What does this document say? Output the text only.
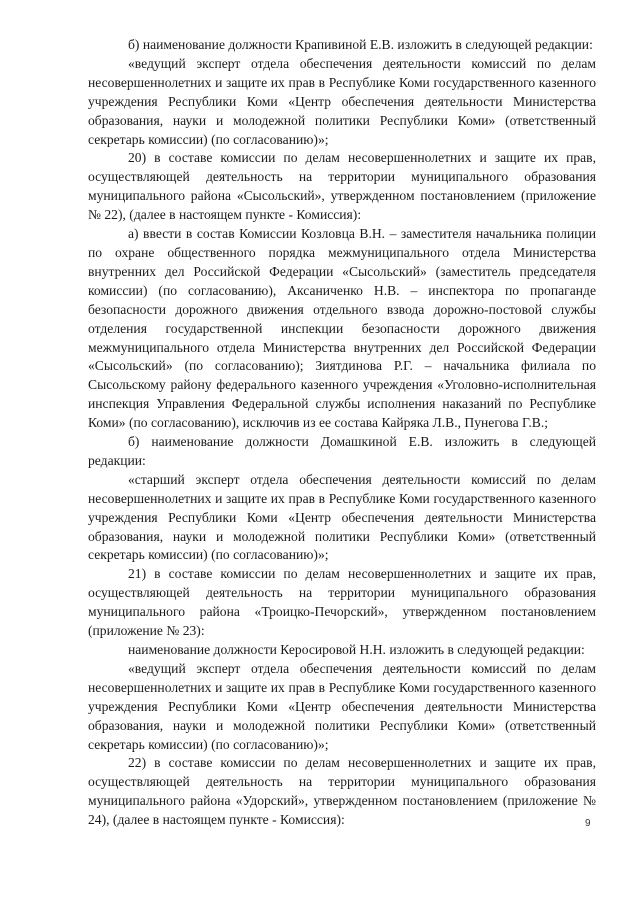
б) наименование должности Крапивиной Е.В. изложить в следующей редакции:

«ведущий эксперт отдела обеспечения деятельности комиссий по делам несовершеннолетних и защите их прав в Республике Коми государственного казенного учреждения Республики Коми «Центр обеспечения деятельности Министерства образования, науки и молодежной политики Республики Коми» (ответственный секретарь комиссии) (по согласованию)»;

20) в составе комиссии по делам несовершеннолетних и защите их прав, осуществляющей деятельность на территории муниципального образования муниципального района «Сысольский», утвержденном постановлением (приложение № 22), (далее в настоящем пункте - Комиссия):

а) ввести в состав Комиссии Козловца В.Н. – заместителя начальника полиции по охране общественного порядка межмуниципального отдела Министерства внутренних дел Российской Федерации «Сысольский» (заместитель председателя комиссии) (по согласованию), Аксаниченко Н.В. – инспектора по пропаганде безопасности дорожного движения отдельного взвода дорожно-постовой службы отделения государственной инспекции безопасности дорожного движения межмуниципального отдела Министерства внутренних дел Российской Федерации «Сысольский» (по согласованию); Зиятдинова Р.Г. – начальника филиала по Сысольскому району федерального казенного учреждения «Уголовно-исполнительная инспекция Управления Федеральной службы исполнения наказаний по Республике Коми» (по согласованию), исключив из ее состава Кайряка Л.В., Пунегова Г.В.;

б) наименование должности Домашкиной Е.В. изложить в следующей редакции:

«старший эксперт отдела обеспечения деятельности комиссий по делам несовершеннолетних и защите их прав в Республике Коми государственного казенного учреждения Республики Коми «Центр обеспечения деятельности Министерства образования, науки и молодежной политики Республики Коми» (ответственный секретарь комиссии) (по согласованию)»;

21) в составе комиссии по делам несовершеннолетних и защите их прав, осуществляющей деятельность на территории муниципального образования муниципального района «Троицко-Печорский», утвержденном постановлением (приложение № 23):

наименование должности Керосировой Н.Н. изложить в следующей редакции:

«ведущий эксперт отдела обеспечения деятельности комиссий по делам несовершеннолетних и защите их прав в Республике Коми государственного казенного учреждения Республики Коми «Центр обеспечения деятельности Министерства образования, науки и молодежной политики Республики Коми» (ответственный секретарь комиссии) (по согласованию)»;

22) в составе комиссии по делам несовершеннолетних и защите их прав, осуществляющей деятельность на территории муниципального образования муниципального района «Удорский», утвержденном постановлением (приложение № 24), (далее в настоящем пункте - Комиссия):	9
